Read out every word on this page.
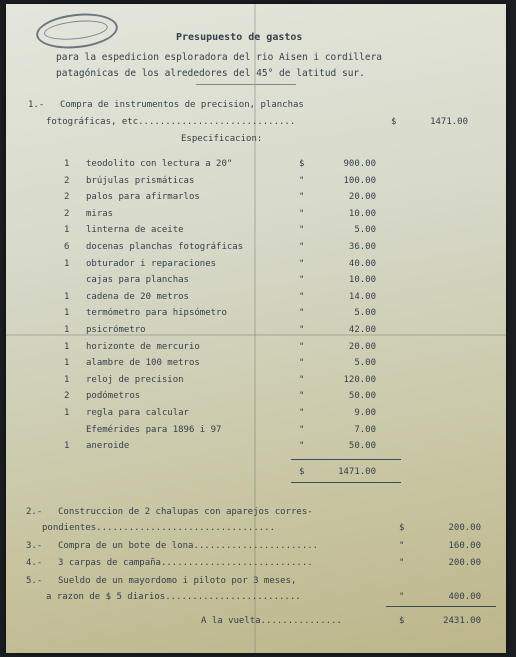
Presupuesto de gastos
para la espedicion esploradora del rio Aisen i cordillera
patagónicas de los alrededores del 45° de latitud sur.
1.- Compra de instrumentos de precision, planchas
fotográficas, etc.............................	$	1471.00
Especificacion:
1 teodolito con lectura a 20"	$	900.00
2 brújulas prismáticas	"	100.00
2 palos para afirmarlos	"	20.00
2 miras	"	10.00
1 linterna de aceite	"	5.00
6 docenas planchas fotográficas	"	36.00
1 obturador i reparaciones	"	40.00
cajas para planchas	"	10.00
1 cadena de 20 metros	"	14.00
1 termómetro para hipsómetro	"	5.00
1 psicrómetro	"	42.00
1 horizonte de mercurio	"	20.00
1 alambre de 100 metros	"	5.00
1 reloj de precision	"	120.00
2 podómetros	"	50.00
1 regla para calcular	"	9.00
Efemérides para 1896 i 97	"	7.00
1 aneroide	"	50.00
$	1471.00
2.- Construccion de 2 chalupas con aparejos corres-
pondientes.................................	$	200.00
3.- Compra de un bote de lona.......................	"	160.00
4.- 3 carpas de campaña............................	"	200.00
5.- Sueldo de un mayordomo i piloto por 3 meses,
a razon de $ 5 diarios.........................	"	400.00
A la vuelta...............	$	2431.00
